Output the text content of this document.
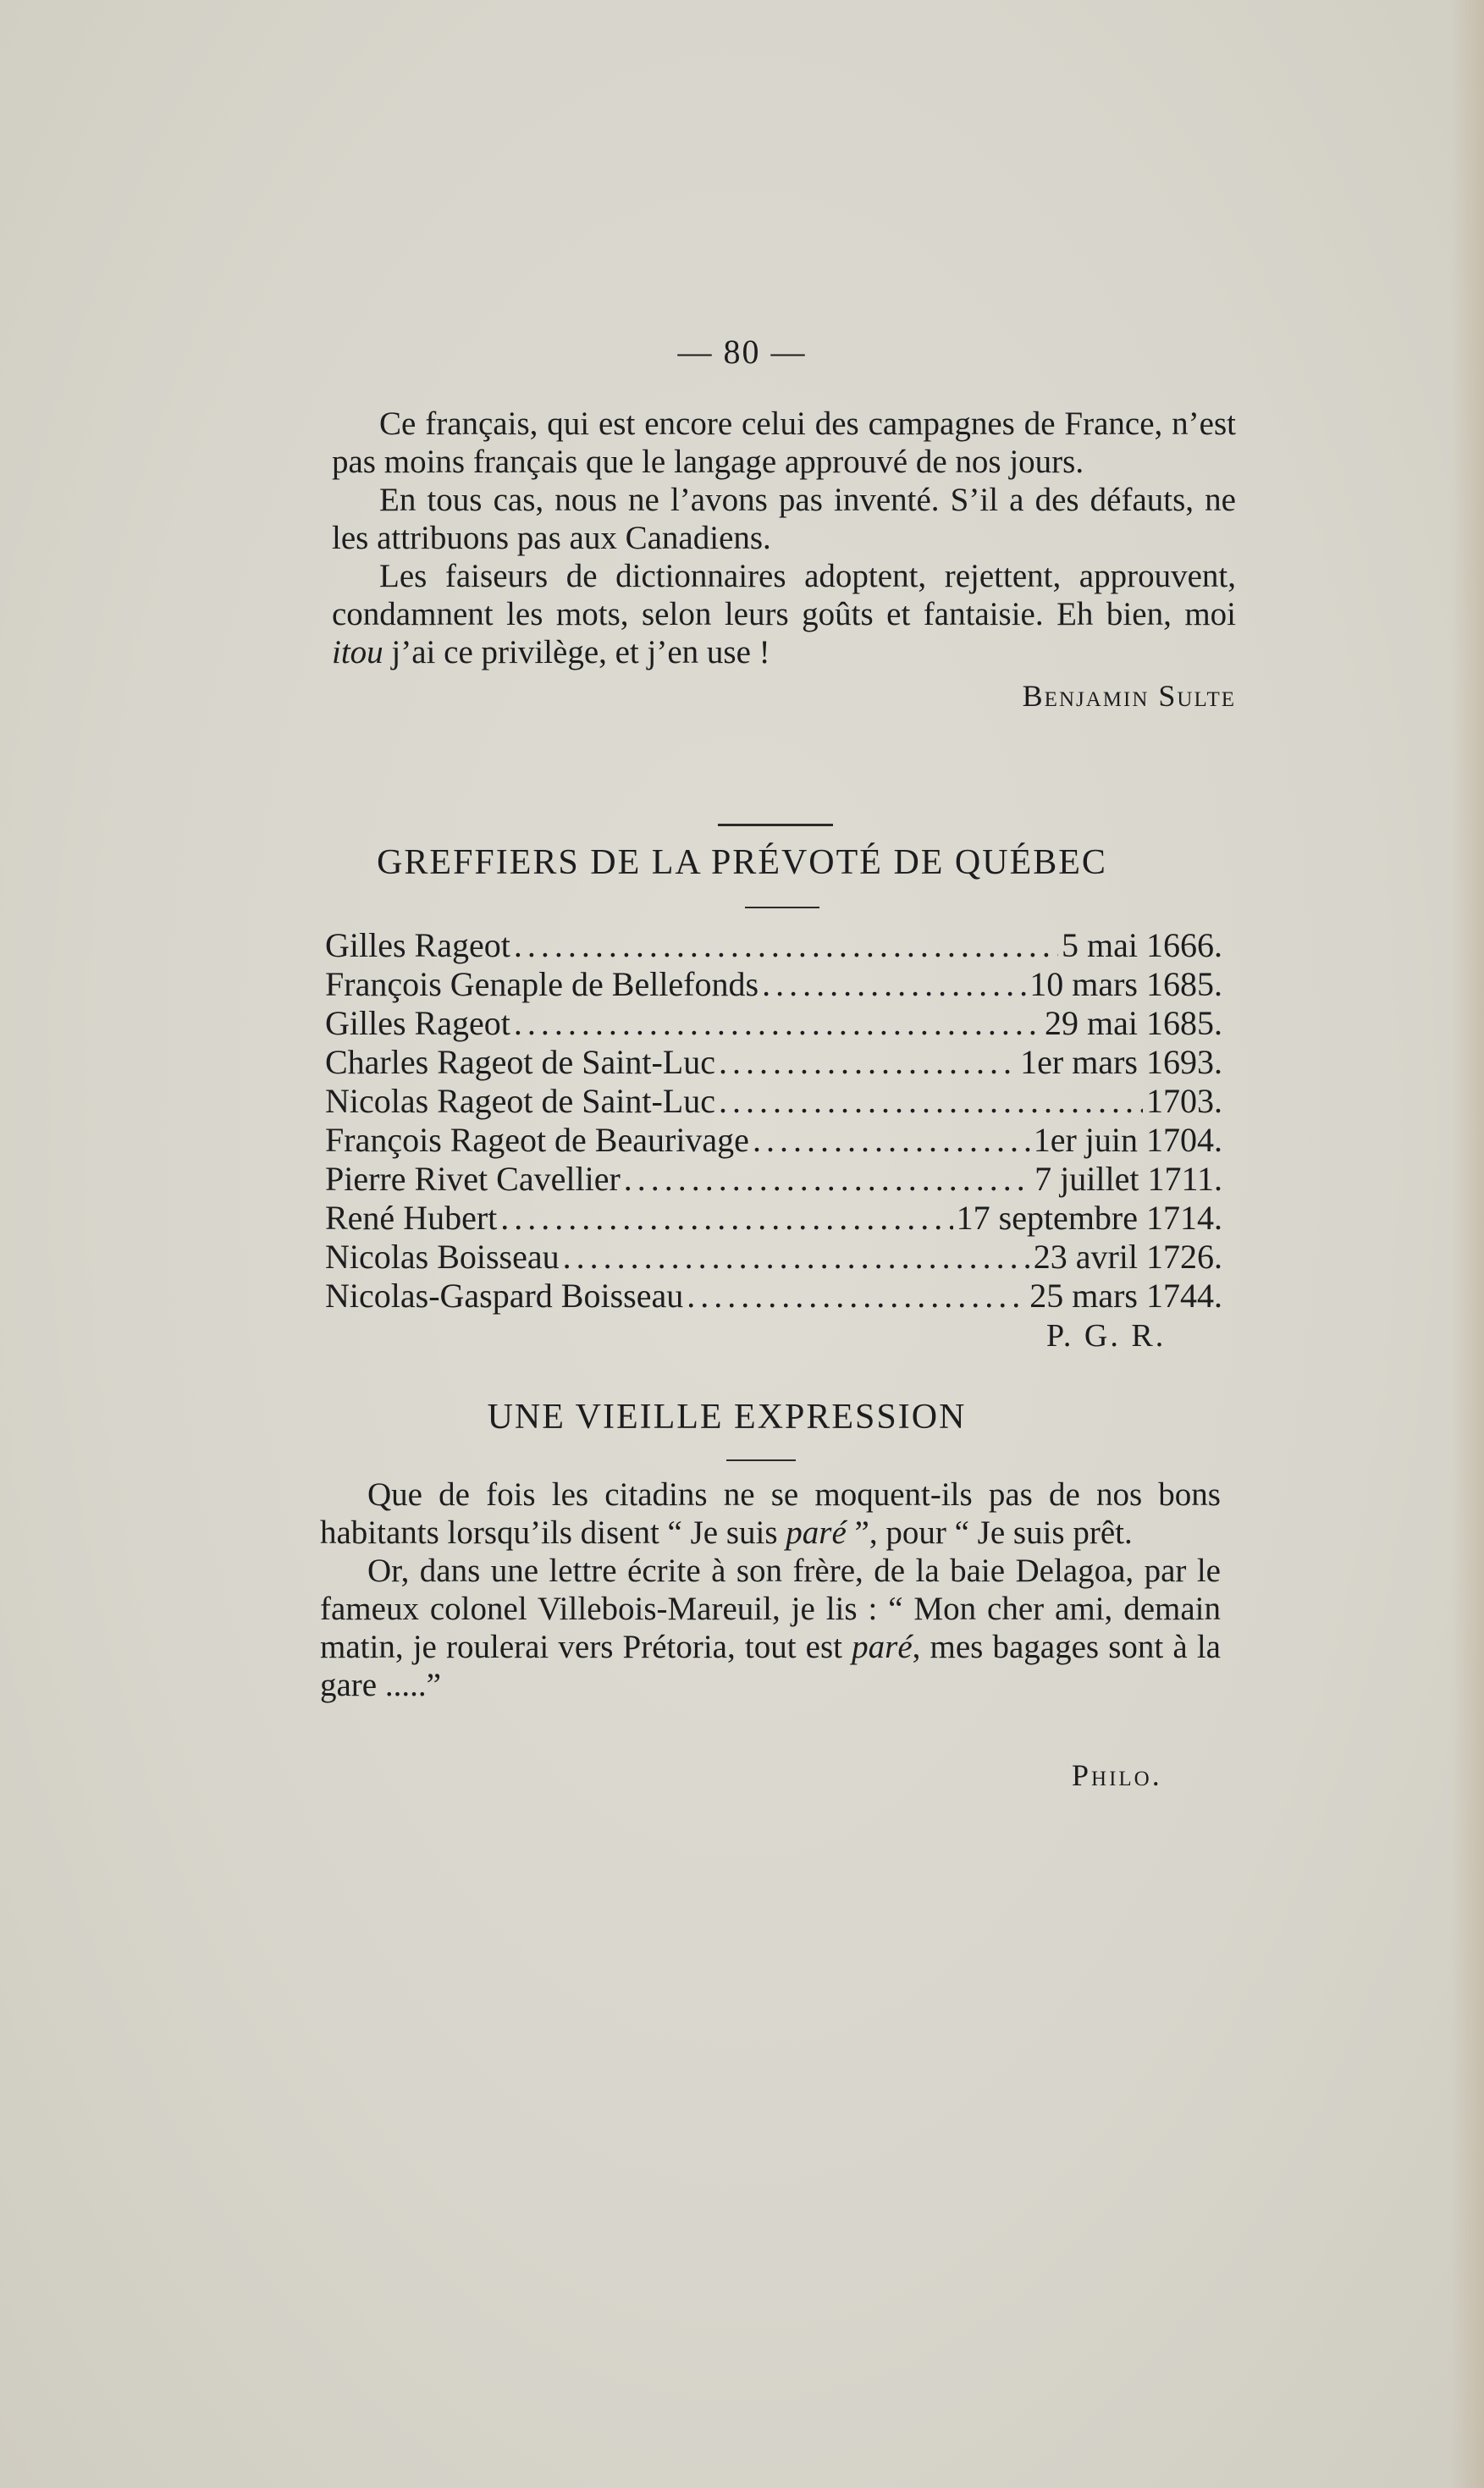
— 80 —

Ce français, qui est encore celui des campagnes de France, n’est pas moins français que le langage approuvé de nos jours.

En tous cas, nous ne l’avons pas inventé. S’il a des défauts, ne les attribuons pas aux Canadiens.

Les faiseurs de dictionnaires adoptent, rejettent, approuvent, condamnent les mots, selon leurs goûts et fantaisie. Eh bien, moi itou j’ai ce privilège, et j’en use !

Benjamin Sulte
GREFFIERS DE LA PRÉVOTÉ DE QUÉBEC
Gilles Rageot .....	5 mai 1666.
François Genaple de Bellefonds .....	10 mars 1685.
Gilles Rageot .....	29 mai 1685.
Charles Rageot de Saint-Luc .....	1er mars 1693.
Nicolas Rageot de Saint-Luc .....	1703.
François Rageot de Beaurivage .....	1er juin 1704.
Pierre Rivet Cavellier .....	7 juillet 1711.
René Hubert .....	17 septembre 1714.
Nicolas Boisseau .....	23 avril 1726.
Nicolas-Gaspard Boisseau .....	25 mars 1744.
P. G. R.
UNE VIEILLE EXPRESSION

Que de fois les citadins ne se moquent-ils pas de nos bons habitants lorsqu’ils disent “ Je suis paré ”, pour “ Je suis prêt.

Or, dans une lettre écrite à son frère, de la baie Delagoa, par le fameux colonel Villebois-Mareuil, je lis : “ Mon cher ami, demain matin, je roulerai vers Prétoria, tout est paré, mes bagages sont à la gare .....”

Philo.
